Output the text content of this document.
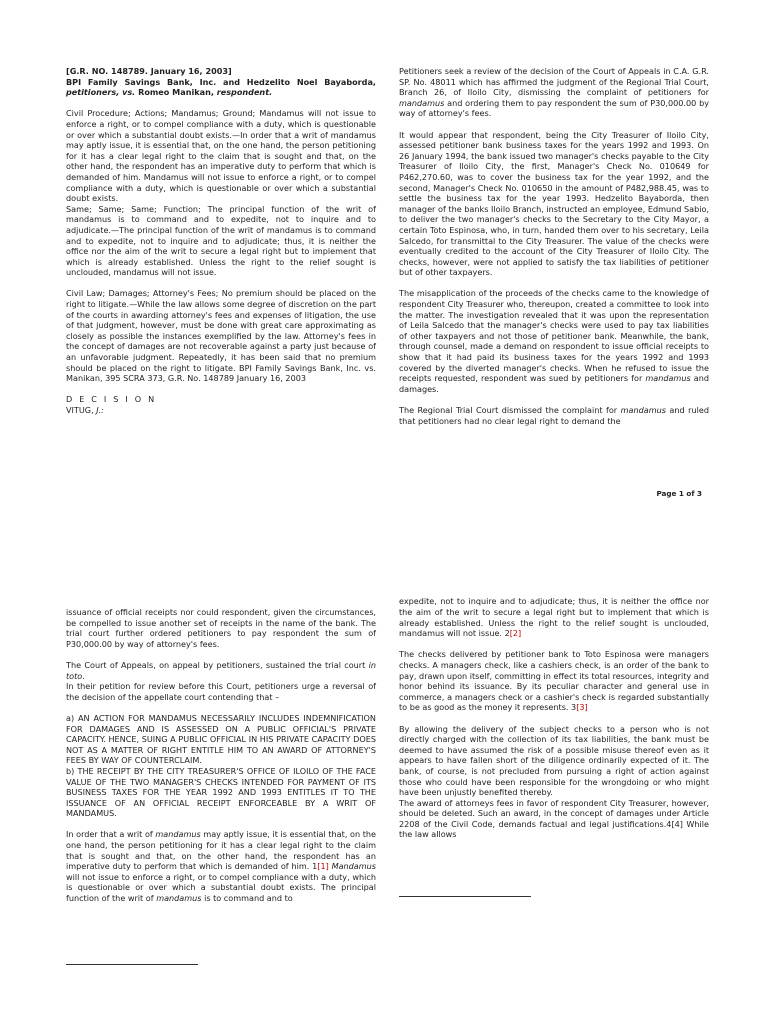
[G.R. NO. 148789. January 16, 2003]
BPI Family Savings Bank, Inc. and Hedzelito Noel Bayaborda, petitioners, vs. Romeo Manikan, respondent.

Civil Procedure; Actions; Mandamus; Ground; Mandamus will not issue to enforce a right, or to compel compliance with a duty, which is questionable or over which a substantial doubt exists.—In order that a writ of mandamus may aptly issue, it is essential that, on the one hand, the person petitioning for it has a clear legal right to the claim that is sought and that, on the other hand, the respondent has an imperative duty to perform that which is demanded of him. Mandamus will not issue to enforce a right, or to compel compliance with a duty, which is questionable or over which a substantial doubt exists.

Same; Same; Same; Function; The principal function of the writ of mandamus is to command and to expedite, not to inquire and to adjudicate.—The principal function of the writ of mandamus is to command and to expedite, not to inquire and to adjudicate; thus, it is neither the office nor the aim of the writ to secure a legal right but to implement that which is already established. Unless the right to the relief sought is unclouded, mandamus will not issue.

Civil Law; Damages; Attorney's Fees; No premium should be placed on the right to litigate.—While the law allows some degree of discretion on the part of the courts in awarding attorney's fees and expenses of litigation, the use of that judgment, however, must be done with great care approximating as closely as possible the instances exemplified by the law. Attorney's fees in the concept of damages are not recoverable against a party just because of an unfavorable judgment. Repeatedly, it has been said that no premium should be placed on the right to litigate. BPI Family Savings Bank, Inc. vs. Manikan, 395 SCRA 373, G.R. No. 148789 January 16, 2003

D E C I S I O N

VITUG, J.:

Petitioners seek a review of the decision of the Court of Appeals in C.A. G.R. SP. No. 48011 which has affirmed the judgment of the Regional Trial Court, Branch 26, of Iloilo City, dismissing the complaint of petitioners for mandamus and ordering them to pay respondent the sum of P30,000.00 by way of attorney's fees.

It would appear that respondent, being the City Treasurer of Iloilo City, assessed petitioner bank business taxes for the years 1992 and 1993. On 26 January 1994, the bank issued two manager's checks payable to the City Treasurer of Iloilo City, the first, Manager's Check No. 010649 for P462,270.60, was to cover the business tax for the year 1992, and the second, Manager's Check No. 010650 in the amount of P482,988.45, was to settle the business tax for the year 1993. Hedzelito Bayaborda, then manager of the banks Iloilo Branch, instructed an employee, Edmund Sabio, to deliver the two manager's checks to the Secretary to the City Mayor, a certain Toto Espinosa, who, in turn, handed them over to his secretary, Leila Salcedo, for transmittal to the City Treasurer. The value of the checks were eventually credited to the account of the City Treasurer of Iloilo City. The checks, however, were not applied to satisfy the tax liabilities of petitioner but of other taxpayers.

The misapplication of the proceeds of the checks came to the knowledge of respondent City Treasurer who, thereupon, created a committee to look into the matter. The investigation revealed that it was upon the representation of Leila Salcedo that the manager's checks were used to pay tax liabilities of other taxpayers and not those of petitioner bank. Meanwhile, the bank, through counsel, made a demand on respondent to issue official receipts to show that it had paid its business taxes for the years 1992 and 1993 covered by the diverted manager's checks. When he refused to issue the receipts requested, respondent was sued by petitioners for mandamus and damages.

The Regional Trial Court dismissed the complaint for mandamus and ruled that petitioners had no clear legal right to demand the

Page 1 of 3

issuance of official receipts nor could respondent, given the circumstances, be compelled to issue another set of receipts in the name of the bank. The trial court further ordered petitioners to pay respondent the sum of P30,000.00 by way of attorney's fees.

The Court of Appeals, on appeal by petitioners, sustained the trial court in toto.

In their petition for review before this Court, petitioners urge a reversal of the decision of the appellate court contending that –

a) AN ACTION FOR MANDAMUS NECESSARILY INCLUDES INDEMNIFICATION FOR DAMAGES AND IS ASSESSED ON A PUBLIC OFFICIAL'S PRIVATE CAPACITY. HENCE, SUING A PUBLIC OFFICIAL IN HIS PRIVATE CAPACITY DOES NOT AS A MATTER OF RIGHT ENTITLE HIM TO AN AWARD OF ATTORNEY'S FEES BY WAY OF COUNTERCLAIM.

b) THE RECEIPT BY THE CITY TREASURER'S OFFICE OF ILOILO OF THE FACE VALUE OF THE TWO MANAGER'S CHECKS INTENDED FOR PAYMENT OF ITS BUSINESS TAXES FOR THE YEAR 1992 AND 1993 ENTITLES IT TO THE ISSUANCE OF AN OFFICIAL RECEIPT ENFORCEABLE BY A WRIT OF MANDAMUS.

In order that a writ of mandamus may aptly issue, it is essential that, on the one hand, the person petitioning for it has a clear legal right to the claim that is sought and that, on the other hand, the respondent has an imperative duty to perform that which is demanded of him. 1[1] Mandamus will not issue to enforce a right, or to compel compliance with a duty, which is questionable or over which a substantial doubt exists. The principal function of the writ of mandamus is to command and to

expedite, not to inquire and to adjudicate; thus, it is neither the office nor the aim of the writ to secure a legal right but to implement that which is already established. Unless the right to the relief sought is unclouded, mandamus will not issue. 2[2]

The checks delivered by petitioner bank to Toto Espinosa were managers checks. A managers check, like a cashiers check, is an order of the bank to pay, drawn upon itself, committing in effect its total resources, integrity and honor behind its issuance. By its peculiar character and general use in commerce, a managers check or a cashier's check is regarded substantially to be as good as the money it represents. 3[3]

By allowing the delivery of the subject checks to a person who is not directly charged with the collection of its tax liabilities, the bank must be deemed to have assumed the risk of a possible misuse thereof even as it appears to have fallen short of the diligence ordinarily expected of it. The bank, of course, is not precluded from pursuing a right of action against those who could have been responsible for the wrongdoing or who might have been unjustly benefited thereby.

The award of attorneys fees in favor of respondent City Treasurer, however, should be deleted. Such an award, in the concept of damages under Article 2208 of the Civil Code, demands factual and legal justifications.4[4] While the law allows
